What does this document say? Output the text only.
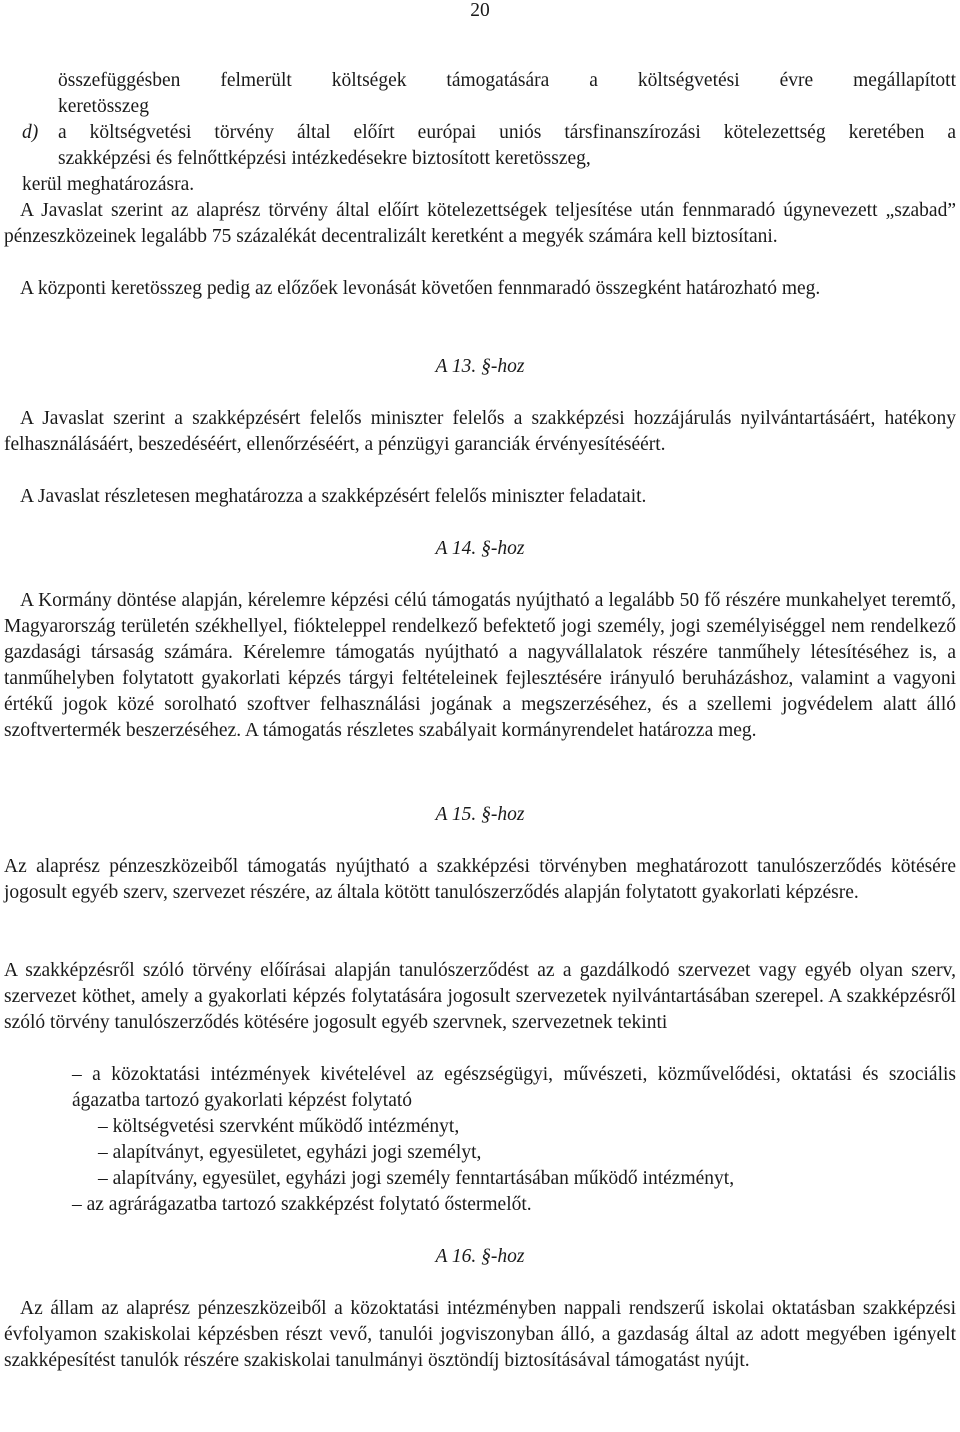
20

összefüggésben felmerült költségek támogatására a költségvetési évre megállapított

keretösszeg

d)	a költségvetési törvény által előírt európai uniós társfinanszírozási kötelezettség keretében a

szakképzési és felnőttképzési intézkedésekre biztosított keretösszeg,

kerül meghatározásra.

A Javaslat szerint az alaprész törvény által előírt kötelezettségek teljesítése után fennmaradó úgynevezett „szabad” pénzeszközeinek legalább 75 százalékát decentralizált keretként a megyék számára kell biztosítani.

A központi keretösszeg pedig az előzőek levonását követően fennmaradó összegként határozható meg.

A 13. §-hoz

A Javaslat szerint a szakképzésért felelős miniszter felelős a szakképzési hozzájárulás nyilvántartásáért, hatékony felhasználásáért, beszedéséért, ellenőrzéséért, a pénzügyi garanciák érvényesítéséért.

A Javaslat részletesen meghatározza a szakképzésért felelős miniszter feladatait.

A 14. §-hoz

A Kormány döntése alapján, kérelemre képzési célú támogatás nyújtható a legalább 50 fő részére munkahelyet teremtő, Magyarország területén székhellyel, fiókteleppel rendelkező befektető jogi személy, jogi személyiséggel nem rendelkező gazdasági társaság számára. Kérelemre támogatás nyújtható a nagyvállalatok részére tanműhely létesítéséhez is, a tanműhelyben folytatott gyakorlati képzés tárgyi feltételeinek fejlesztésére irányuló beruházáshoz, valamint a vagyoni értékű jogok közé sorolható szoftver felhasználási jogának a megszerzéséhez, és a szellemi jogvédelem alatt álló szoftvertermék beszerzéséhez. A támogatás részletes szabályait kormányrendelet határozza meg.

A 15. §-hoz

Az alaprész pénzeszközeiből támogatás nyújtható a szakképzési törvényben meghatározott tanulószerződés kötésére jogosult egyéb szerv, szervezet részére, az általa kötött tanulószerződés alapján folytatott gyakorlati képzésre.

A szakképzésről szóló törvény előírásai alapján tanulószerződést az a gazdálkodó szervezet vagy egyéb olyan szerv, szervezet köthet, amely a gyakorlati képzés folytatására jogosult szervezetek nyilvántartásában szerepel. A szakképzésről szóló törvény tanulószerződés kötésére jogosult egyéb szervnek, szervezetnek tekinti

– a közoktatási intézmények kivételével az egészségügyi, művészeti, közművelődési, oktatási és szociális ágazatba tartozó gyakorlati képzést folytató

– költségvetési szervként működő intézményt,

– alapítványt, egyesületet, egyházi jogi személyt,

– alapítvány, egyesület, egyházi jogi személy fenntartásában működő intézményt,

– az agrárágazatba tartozó szakképzést folytató őstermelőt.

A 16. §-hoz

Az állam az alaprész pénzeszközeiből a közoktatási intézményben nappali rendszerű iskolai oktatásban szakképzési évfolyamon szakiskolai képzésben részt vevő, tanulói jogviszonyban álló, a gazdaság által az adott megyében igényelt szakképesítést tanulók részére szakiskolai tanulmányi ösztöndíj biztosításával támogatást nyújt.
